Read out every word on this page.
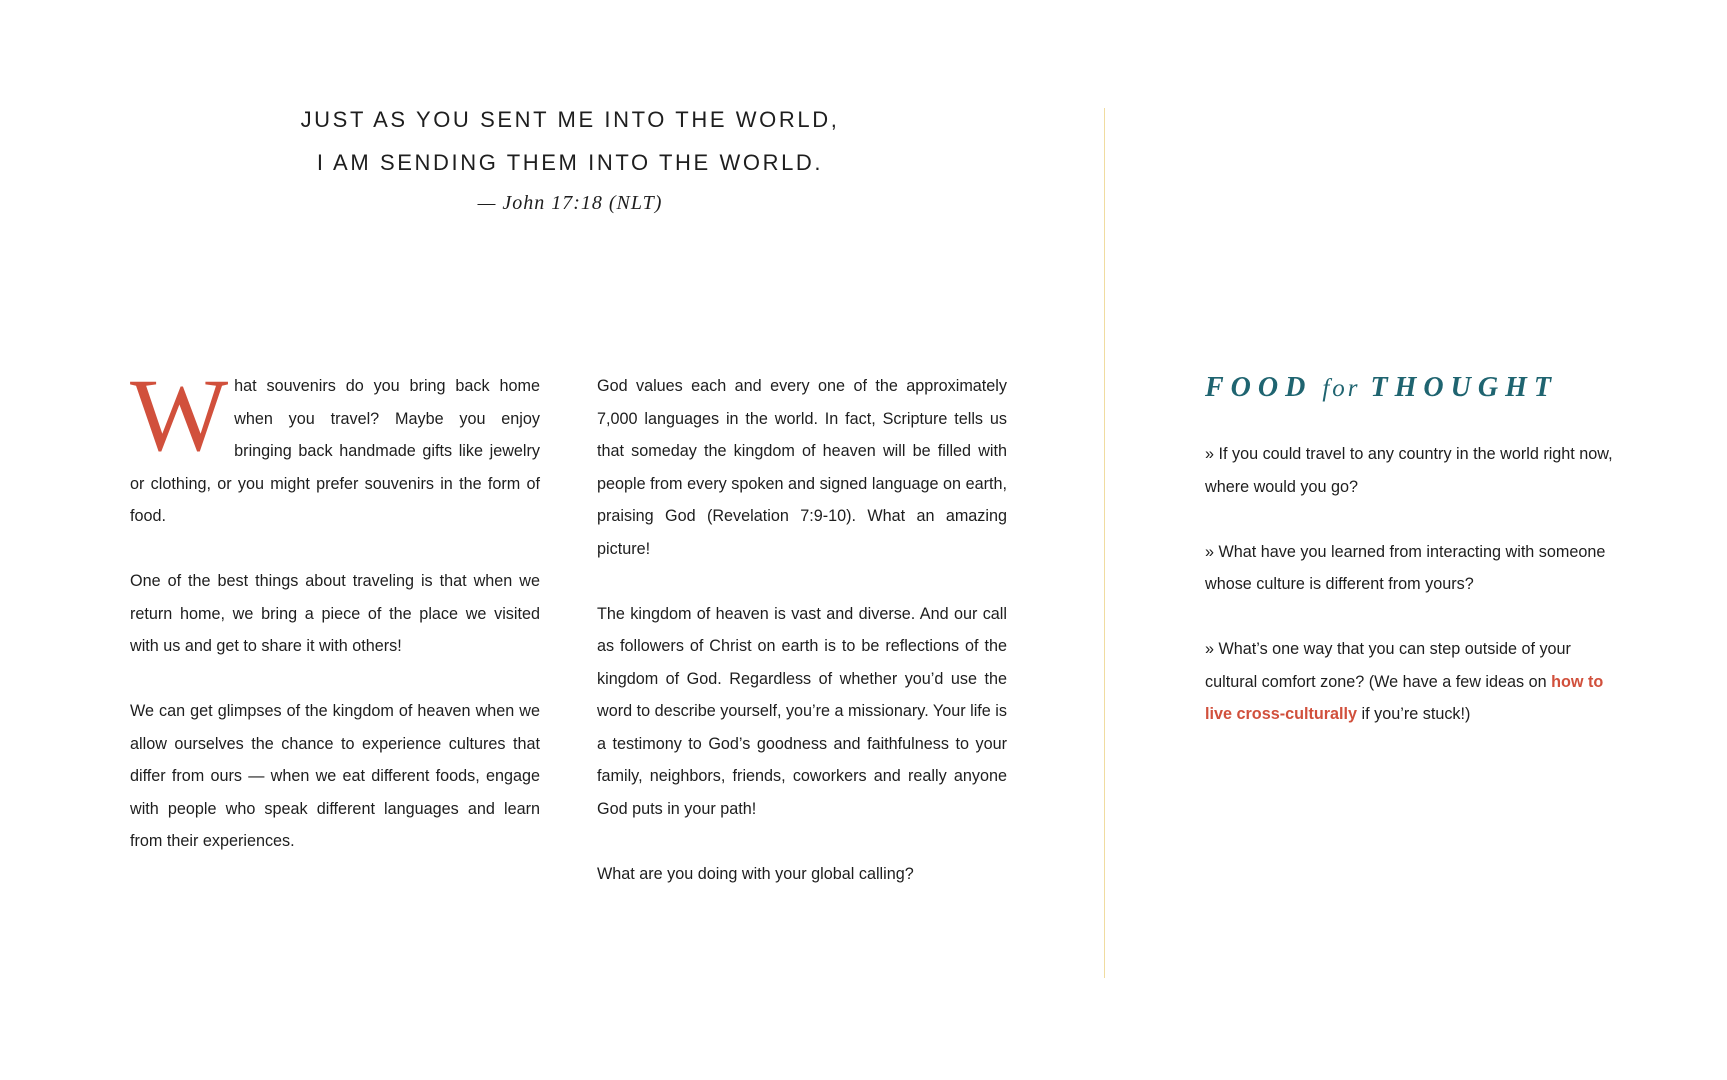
JUST AS YOU SENT ME INTO THE WORLD,

I AM SENDING THEM INTO THE WORLD.

— John 17:18 (NLT)

What souvenirs do you bring back home when you travel? Maybe you enjoy bringing back handmade gifts like jewelry or clothing, or you might prefer souvenirs in the form of food.

One of the best things about traveling is that when we return home, we bring a piece of the place we visited with us and get to share it with others!

We can get glimpses of the kingdom of heaven when we allow ourselves the chance to experience cultures that differ from ours — when we eat different foods, engage with people who speak different languages and learn from their experiences.

God values each and every one of the approximately 7,000 languages in the world. In fact, Scripture tells us that someday the kingdom of heaven will be filled with people from every spoken and signed language on earth, praising God (Revelation 7:9-10). What an amazing picture!

The kingdom of heaven is vast and diverse. And our call as followers of Christ on earth is to be reflections of the kingdom of God. Regardless of whether you’d use the word to describe yourself, you’re a missionary. Your life is a testimony to God’s goodness and faithfulness to your family, neighbors, friends, coworkers and really anyone God puts in your path!

What are you doing with your global calling?

FOOD for THOUGHT
» If you could travel to any country in the world right now, where would you go?
» What have you learned from interacting with someone whose culture is different from yours?
» What’s one way that you can step outside of your cultural comfort zone? (We have a few ideas on how to live cross-culturally if you’re stuck!)
